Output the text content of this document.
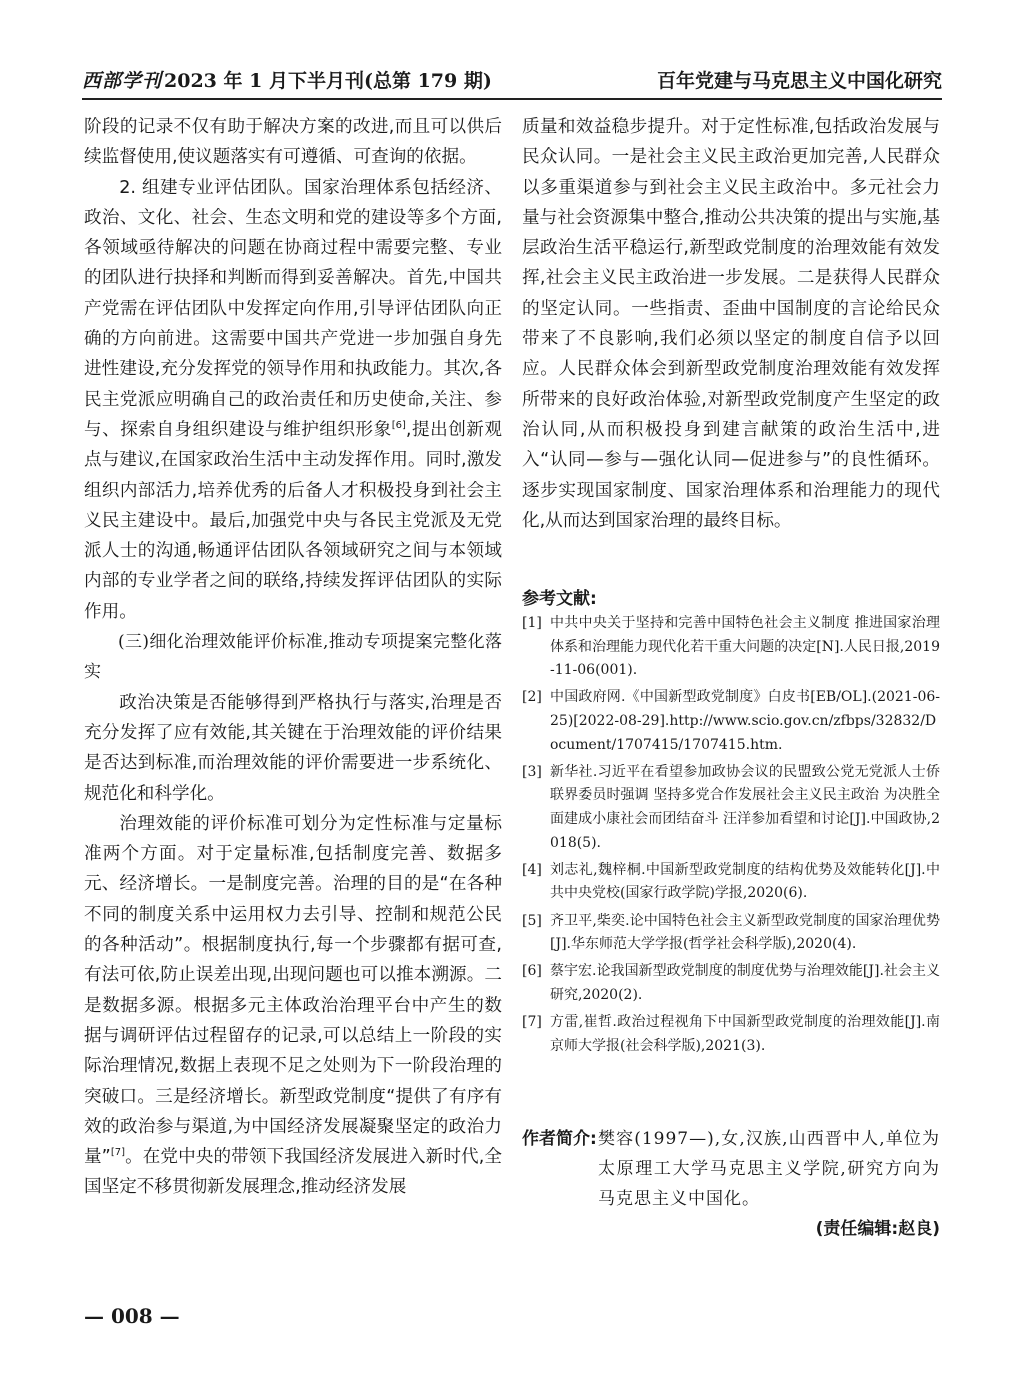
西部学刊 2023 年 1 月下半月刊(总第 179 期)	百年党建与马克思主义中国化研究

阶段的记录不仅有助于解决方案的改进,而且可以供后续监督使用,使议题落实有可遵循、可查询的依据。

2. 组建专业评估团队。国家治理体系包括经济、政治、文化、社会、生态文明和党的建设等多个方面,各领域亟待解决的问题在协商过程中需要完整、专业的团队进行抉择和判断而得到妥善解决。首先,中国共产党需在评估团队中发挥定向作用,引导评估团队向正确的方向前进。这需要中国共产党进一步加强自身先进性建设,充分发挥党的领导作用和执政能力。其次,各民主党派应明确自己的政治责任和历史使命,关注、参与、探索自身组织建设与维护组织形象[6],提出创新观点与建议,在国家政治生活中主动发挥作用。同时,激发组织内部活力,培养优秀的后备人才积极投身到社会主义民主建设中。最后,加强党中央与各民主党派及无党派人士的沟通,畅通评估团队各领域研究之间与本领域内部的专业学者之间的联络,持续发挥评估团队的实际作用。

(三)细化治理效能评价标准,推动专项提案完整化落实

政治决策是否能够得到严格执行与落实,治理是否充分发挥了应有效能,其关键在于治理效能的评价结果是否达到标准,而治理效能的评价需要进一步系统化、规范化和科学化。

治理效能的评价标准可划分为定性标准与定量标准两个方面。对于定量标准,包括制度完善、数据多元、经济增长。一是制度完善。治理的目的是“在各种不同的制度关系中运用权力去引导、控制和规范公民的各种活动”。根据制度执行,每一个步骤都有据可查,有法可依,防止误差出现,出现问题也可以推本溯源。二是数据多源。根据多元主体政治治理平台中产生的数据与调研评估过程留存的记录,可以总结上一阶段的实际治理情况,数据上表现不足之处则为下一阶段治理的突破口。三是经济增长。新型政党制度“提供了有序有效的政治参与渠道,为中国经济发展凝聚坚定的政治力量”[7]。在党中央的带领下我国经济发展进入新时代,全国坚定不移贯彻新发展理念,推动经济发展

质量和效益稳步提升。对于定性标准,包括政治发展与民众认同。一是社会主义民主政治更加完善,人民群众以多重渠道参与到社会主义民主政治中。多元社会力量与社会资源集中整合,推动公共决策的提出与实施,基层政治生活平稳运行,新型政党制度的治理效能有效发挥,社会主义民主政治进一步发展。二是获得人民群众的坚定认同。一些指责、歪曲中国制度的言论给民众带来了不良影响,我们必须以坚定的制度自信予以回应。人民群众体会到新型政党制度治理效能有效发挥所带来的良好政治体验,对新型政党制度产生坚定的政治认同,从而积极投身到建言献策的政治生活中,进入“认同—参与—强化认同—促进参与”的良性循环。逐步实现国家制度、国家治理体系和治理能力的现代化,从而达到国家治理的最终目标。

参考文献:
[1] 中共中央关于坚持和完善中国特色社会主义制度 推进国家治理体系和治理能力现代化若干重大问题的决定[N].人民日报,2019-11-06(001).
[2] 中国政府网.《中国新型政党制度》白皮书[EB/OL].(2021-06-25)[2022-08-29].http://www.scio.gov.cn/zfbps/32832/Document/1707415/1707415.htm.
[3] 新华社.习近平在看望参加政协会议的民盟致公党无党派人士侨联界委员时强调 坚持多党合作发展社会主义民主政治 为决胜全面建成小康社会而团结奋斗 汪洋参加看望和讨论[J].中国政协,2018(5).
[4] 刘志礼,魏梓桐.中国新型政党制度的结构优势及效能转化[J].中共中央党校(国家行政学院)学报,2020(6).
[5] 齐卫平,柴奕.论中国特色社会主义新型政党制度的国家治理优势[J].华东师范大学学报(哲学社会科学版),2020(4).
[6] 蔡宇宏.论我国新型政党制度的制度优势与治理效能[J].社会主义研究,2020(2).
[7] 方雷,崔哲.政治过程视角下中国新型政党制度的治理效能[J].南京师大学报(社会科学版),2021(3).
作者简介: 樊容(1997—),女,汉族,山西晋中人,单位为太原理工大学马克思主义学院,研究方向为马克思主义中国化。
(责任编辑:赵良)
— 008 —
